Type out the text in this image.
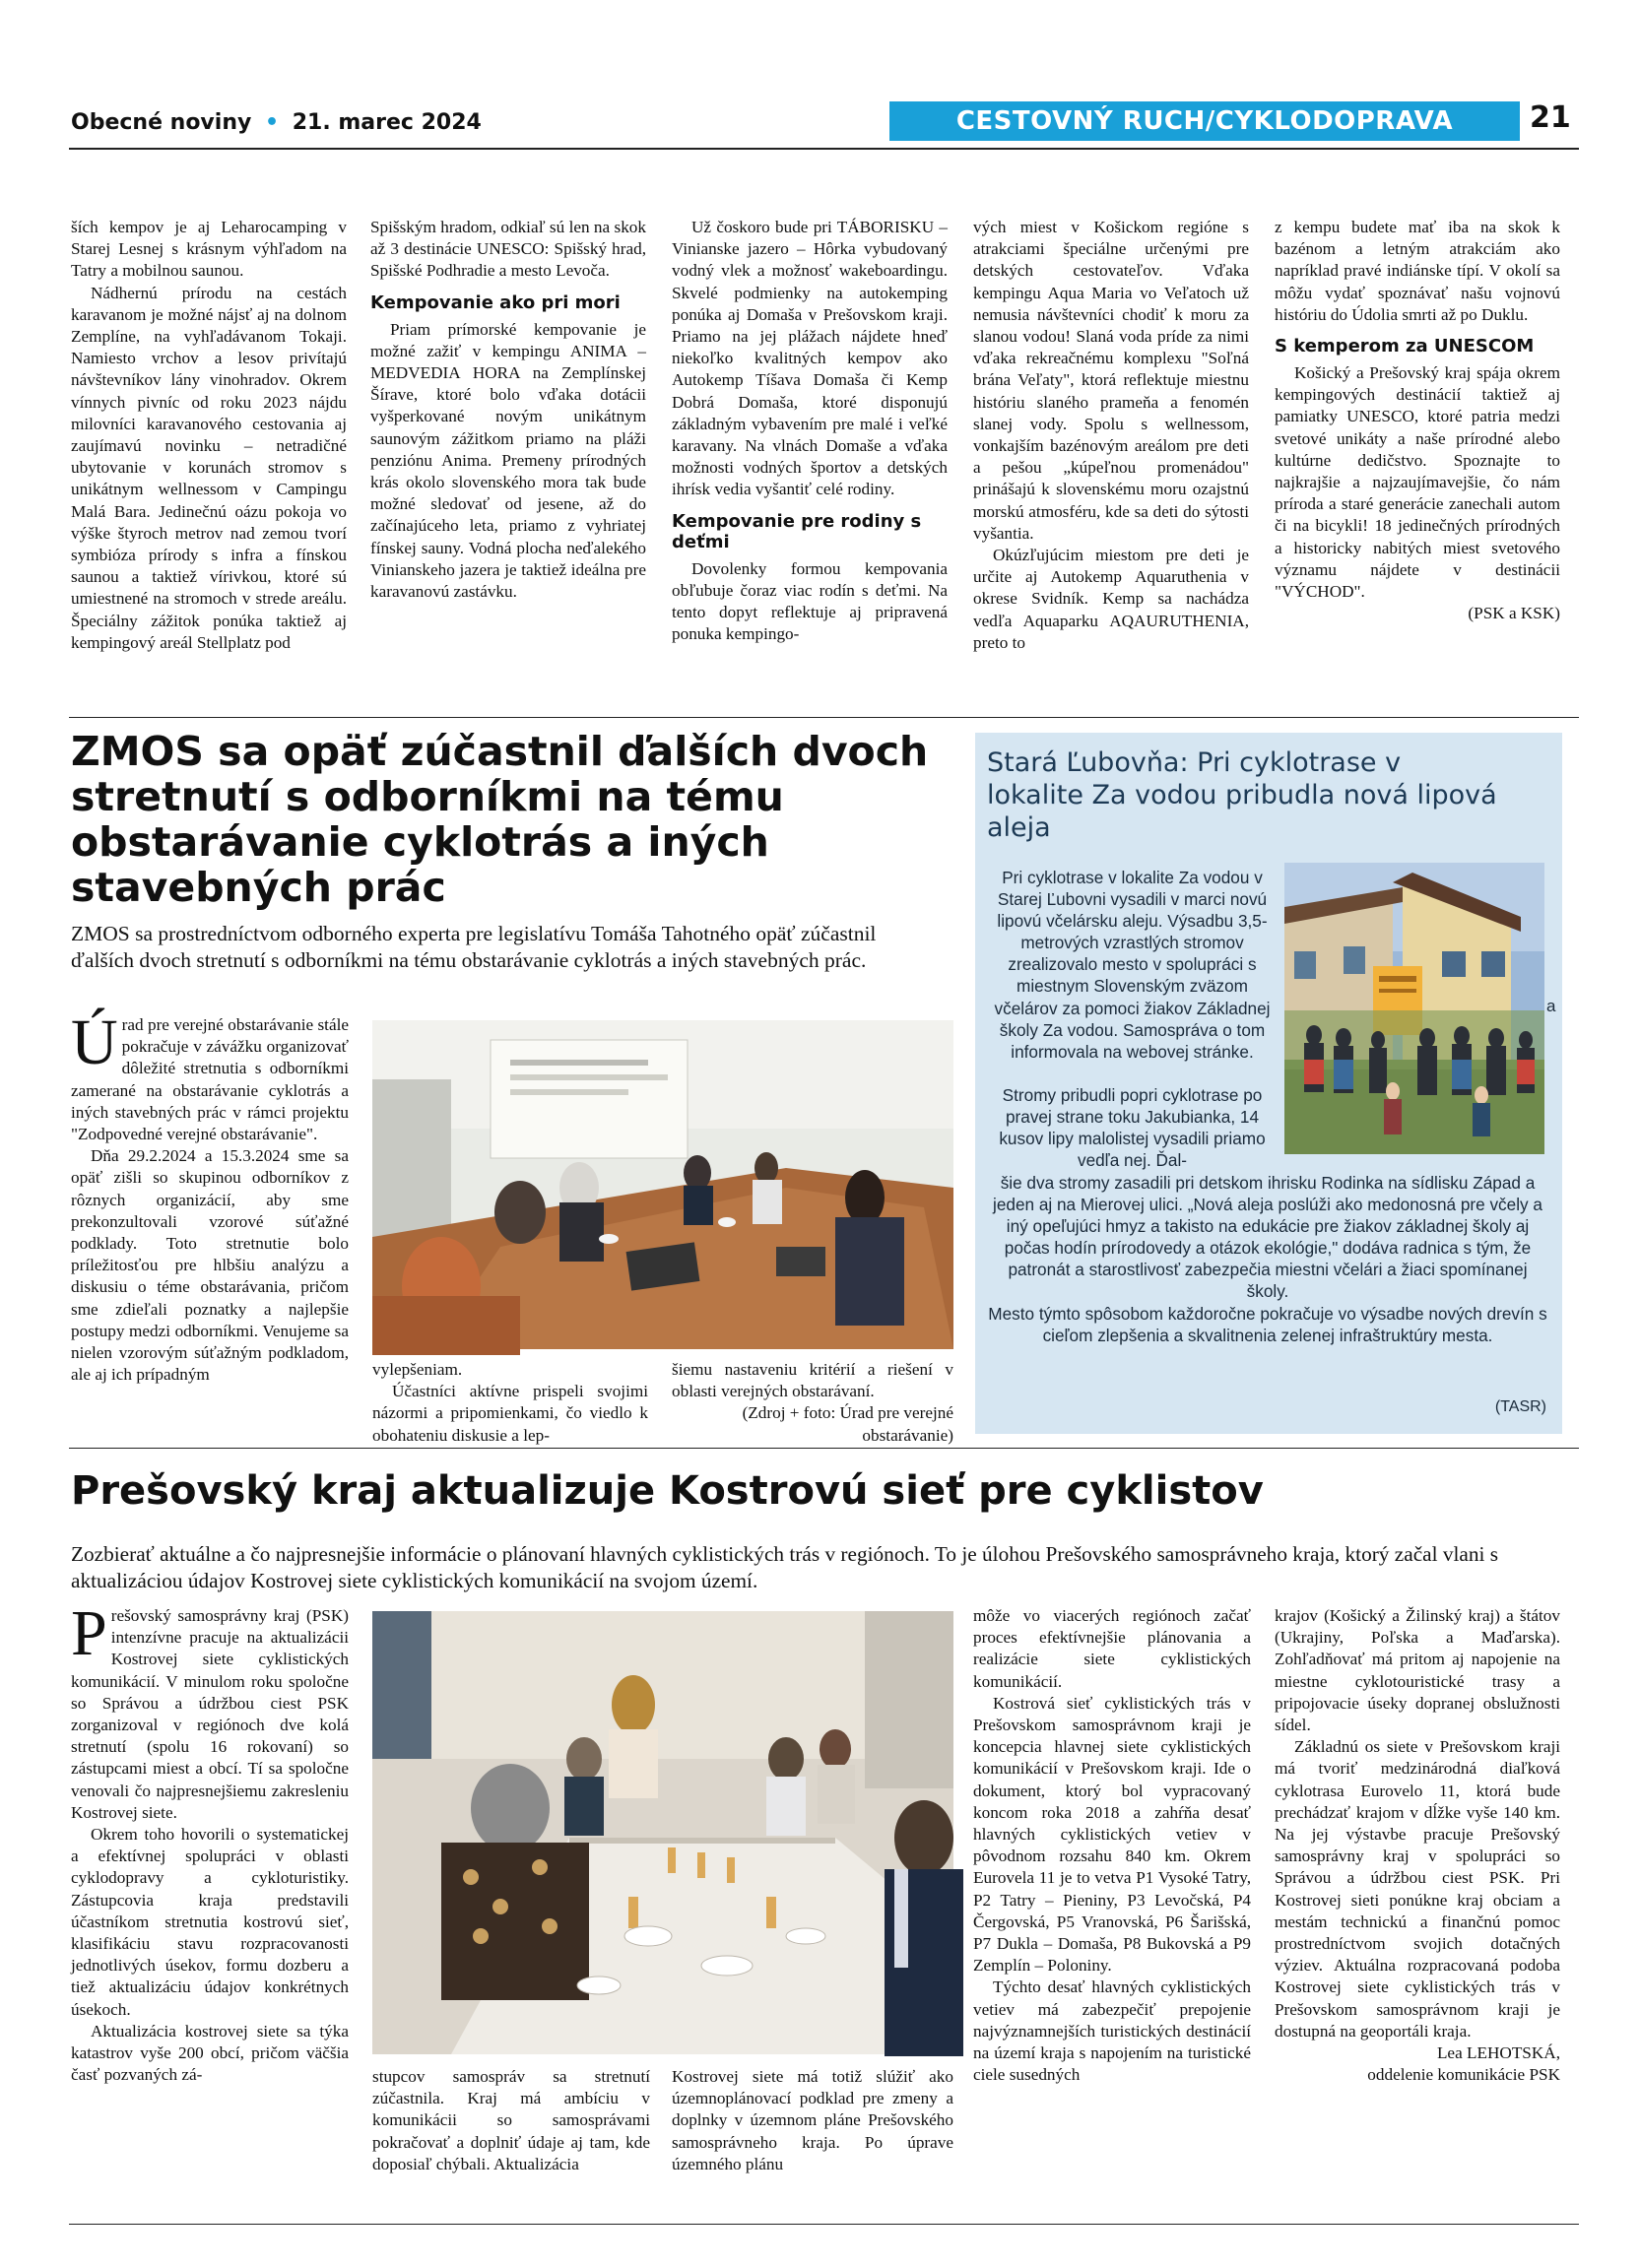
Obecné noviny • 21. marec 2024	CESTOVNÝ RUCH/CYKLODOPRAVA	21

ších kempov je aj Leharocamping v Starej Lesnej s krásnym výhľadom na Tatry a mobilnou saunou.

Nádhernú prírodu na cestách karavanom je možné nájsť aj na dolnom Zemplíne, na vyhľadávanom Tokaji. Namiesto vrchov a lesov privítajú návštevníkov lány vinohradov. Okrem vínnych pivníc od roku 2023 nájdu milovníci karavanového cestovania aj zaujímavú novinku – netradičné ubytovanie v korunách stromov s unikátnym wellnessom v Campingu Malá Bara. Jedinečnú oázu pokoja vo výške štyroch metrov nad zemou tvorí symbióza prírody s infra a fínskou saunou a taktiež vírivkou, ktoré sú umiestnené na stromoch v strede areálu. Špeciálny zážitok ponúka taktiež aj kempingový areál Stellplatz pod

Spišským hradom, odkiaľ sú len na skok až 3 destinácie UNESCO: Spišský hrad, Spišské Podhradie a mesto Levoča.

Kempovanie ako pri mori

Priam prímorské kempovanie je možné zažiť v kempingu ANIMA – MEDVEDIA HORA na Zemplínskej Šírave, ktoré bolo vďaka dotácii vyšperkované novým unikátnym saunovým zážitkom priamo na pláži penziónu Anima. Premeny prírodných krás okolo slovenského mora tak bude možné sledovať od jesene, až do začínajúceho leta, priamo z vyhriatej fínskej sauny. Vodná plocha neďalekého Vinianskeho jazera je taktiež ideálna pre karavanovú zastávku.

Už čoskoro bude pri TÁBORISKU – Vinianske jazero – Hôrka vybudovaný vodný vlek a možnosť wakeboardingu. Skvelé podmienky na autokemping ponúka aj Domaša v Prešovskom kraji. Priamo na jej plážach nájdete hneď niekoľko kvalitných kempov ako Autokemp Tíšava Domaša či Kemp Dobrá Domaša, ktoré disponujú základným vybavením pre malé i veľké karavany. Na vlnách Domaše a vďaka možnosti vodných športov a detských ihrísk vedia vyšantiť celé rodiny.

Kempovanie pre rodiny s deťmi

Dovolenky formou kempovania obľubuje čoraz viac rodín s deťmi. Na tento dopyt reflektuje aj pripravená ponuka kempingo-

vých miest v Košickom regióne s atrakciami špeciálne určenými pre detských cestovateľov. Vďaka kempingu Aqua Maria vo Veľatoch už nemusia návštevníci chodiť k moru za slanou vodou! Slaná voda príde za nimi vďaka rekreačnému komplexu "Soľná brána Veľaty", ktorá reflektuje miestnu históriu slaného prameňa a fenomén slanej vody. Spolu s wellnessom, vonkajším bazénovým areálom pre deti a pešou „kúpeľnou promenádou" prinášajú k slovenskému moru ozajstnú morskú atmosféru, kde sa deti do sýtosti vyšantia.

Okúzľujúcim miestom pre deti je určite aj Autokemp Aquaruthenia v okrese Svidník. Kemp sa nachádza vedľa Aquaparku AQAURUTHENIA, preto to

z kempu budete mať iba na skok k bazénom a letným atrakciám ako napríklad pravé indiánske típí. V okolí sa môžu vydať spoznávať našu vojnovú históriu do Údolia smrti až po Duklu.

S kemperom za UNESCOM

Košický a Prešovský kraj spája okrem kempingových destinácií taktiež aj pamiatky UNESCO, ktoré patria medzi svetové unikáty a naše prírodné alebo kultúrne dedičstvo. Spoznajte to najkrajšie a najzaujímavejšie, čo nám príroda a staré generácie zanechali autom či na bicykli! 18 jedinečných prírodných a historicky nabitých miest svetového významu nájdete v destinácii "VÝCHOD".

(PSK a KSK)

ZMOS sa opäť zúčastnil ďalších dvoch stretnutí s odborníkmi na tému obstarávanie cyklotrás a iných stavebných prác
ZMOS sa prostredníctvom odborného experta pre legislatívu Tomáša Tahotného opäť zúčastnil ďalších dvoch stretnutí s odborníkmi na tému obstarávanie cyklotrás a iných stavebných prác.

Úrad pre verejné obstarávanie stále pokračuje v závážku organizovať dôležité stretnutia s odborníkmi zamerané na obstarávanie cyklotrás a iných stavebných prác v rámci projektu "Zodpovedné verejné obstarávanie".

Dňa 29.2.2024 a 15.3.2024 sme sa opäť zišli so skupinou odborníkov z rôznych organizácií, aby sme prekonzultovali vzorové súťažné podklady. Toto stretnutie bolo príležitosťou pre hlbšiu analýzu a diskusiu o téme obstarávania, pričom sme zdieľali poznatky a najlepšie postupy medzi odborníkmi. Venujeme sa nielen vzorovým súťažným podkladom, ale aj ich prípadným	vylepšeniam.

Účastníci aktívne prispeli svojimi názormi a pripomienkami, čo viedlo k obohateniu diskusie a lep-

šiemu nastaveniu kritérií a riešení v oblasti verejných obstarávaní.

(Zdroj + foto: Úrad pre verejné obstarávanie)

Stará Ľubovňa: Pri cyklotrase v lokalite Za vodou pribudla nová lipová aleja
Pri cyklotrase v lokalite Za vodou v Starej Ľubovni vysadili v marci novú lipovú včelársku aleju. Výsadbu 3,5-metrových vzrastlých stromov zrealizovalo mesto v spolupráci s miestnym Slovenským zväzom včelárov za pomoci žiakov Základnej školy Za vodou. Samospráva o tom informovala na webovej stránke.
Stromy pribudli popri cyklotrase po pravej strane toku Jakubianka, 14 kusov lipy malolistej vysadili priamo vedľa nej. Ďal-
a
šie dva stromy zasadili pri detskom ihrisku Rodinka na sídlisku Západ a jeden aj na Mierovej ulici. „Nová aleja poslúži ako medonosná pre včely a iný opeľujúci hmyz a takisto na edukácie pre žiakov základnej školy aj počas hodín prírodovedy a otázok ekológie," dodáva radnica s tým, že patronát a starostlivosť zabezpečia miestni včelári a žiaci spomínanej školy.
Mesto týmto spôsobom každoročne pokračuje vo výsadbe nových drevín s cieľom zlepšenia a skvalitnenia zelenej infraštruktúry mesta.
(TASR)
Prešovský kraj aktualizuje Kostrovú sieť pre cyklistov
Zozbierať aktuálne a čo najpresnejšie informácie o plánovaní hlavných cyklistických trás v regiónoch. To je úlohou Prešovského samosprávneho kraja, ktorý začal vlani s aktualizáciou údajov Kostrovej siete cyklistických komunikácií na svojom území.

Prešovský samosprávny kraj (PSK) intenzívne pracuje na aktualizácii Kostrovej siete cyklistických komunikácií. V minulom roku spoločne so Správou a údržbou ciest PSK zorganizoval v regiónoch dve kolá stretnutí (spolu 16 rokovaní) so zástupcami miest a obcí. Tí sa spoločne venovali čo najpresnejšiemu zakresleniu Kostrovej siete.

Okrem toho hovorili o systematickej a efektívnej spolupráci v oblasti cyklodopravy a cykloturistiky. Zástupcovia kraja predstavili účastníkom stretnutia kostrovú sieť, klasifikáciu stavu rozpracovanosti jednotlivých úsekov, formu dozberu a tiež aktualizáciu údajov konkrétnych úsekoch.

Aktualizácia kostrovej siete sa týka katastrov vyše 200 obcí, pričom väčšia časť pozvaných zá-	stupcov samospráv sa stretnutí zúčastnila. Kraj má ambíciu v komunikácii so samosprávami pokračovať a doplniť údaje aj tam, kde doposiaľ chýbali. Aktualizácia

Kostrovej siete má totiž slúžiť ako územnoplánovací podklad pre zmeny a doplnky v územnom pláne Prešovského samosprávneho kraja. Po úprave územného plánu

môže vo viacerých regiónoch začať proces efektívnejšie plánovania a realizácie siete cyklistických komunikácií.

Kostrová sieť cyklistických trás v Prešovskom samosprávnom kraji je koncepcia hlavnej siete cyklistických komunikácií v Prešovskom kraji. Ide o dokument, ktorý bol vypracovaný koncom roka 2018 a zahŕňa desať hlavných cyklistických vetiev v pôvodnom rozsahu 840 km. Okrem Eurovela 11 je to vetva P1 Vysoké Tatry, P2 Tatry – Pieniny, P3 Levočská, P4 Čergovská, P5 Vranovská, P6 Šarišská, P7 Dukla – Domaša, P8 Bukovská a P9 Zemplín – Poloniny.

Týchto desať hlavných cyklistických vetiev má zabezpečiť prepojenie najvýznamnejších turistických destinácií na území kraja s napojením na turistické ciele susedných

krajov (Košický a Žilinský kraj) a štátov (Ukrajiny, Poľska a Maďarska). Zohľadňovať má pritom aj napojenie na miestne cyklotouristické trasy a pripojovacie úseky dopranej obslužnosti sídel.

Základnú os siete v Prešovskom kraji má tvoriť medzinárodná diaľková cyklotrasa Eurovelo 11, ktorá bude prechádzať krajom v dĺžke vyše 140 km. Na jej výstavbe pracuje Prešovský samosprávny kraj v spolupráci so Správou a údržbou ciest PSK. Pri Kostrovej sieti ponúkne kraj obciam a mestám technickú a finančnú pomoc prostredníctvom svojich dotačných výziev. Aktuálna rozpracovaná podoba Kostrovej siete cyklistických trás v Prešovskom samosprávnom kraji je dostupná na geoportáli kraja.

Lea LEHOTSKÁ,

oddelenie komunikácie PSK
